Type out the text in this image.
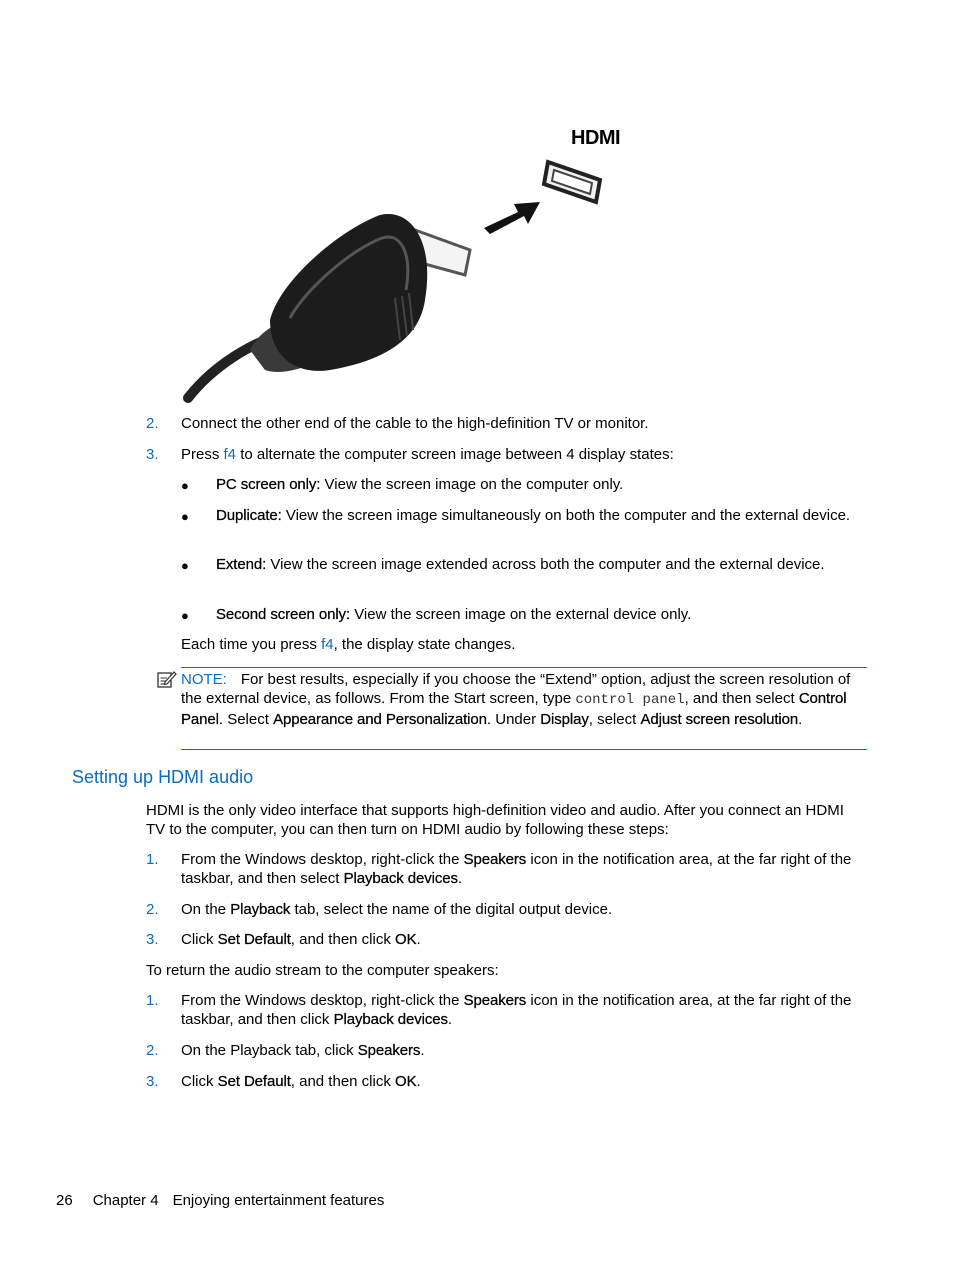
HDMI
2. Connect the other end of the cable to the high-definition TV or monitor.
3. Press f4 to alternate the computer screen image between 4 display states:
● PC screen only: View the screen image on the computer only.
● Duplicate: View the screen image simultaneously on both the computer and the external device.
● Extend: View the screen image extended across both the computer and the external device.
● Second screen only: View the screen image on the external device only.
Each time you press f4, the display state changes.
NOTE: For best results, especially if you choose the “Extend” option, adjust the screen resolution of the external device, as follows. From the Start screen, type control panel, and then select Control Panel. Select Appearance and Personalization. Under Display, select Adjust screen resolution.
Setting up HDMI audio
HDMI is the only video interface that supports high-definition video and audio. After you connect an HDMI TV to the computer, you can then turn on HDMI audio by following these steps:
1. From the Windows desktop, right-click the Speakers icon in the notification area, at the far right of the taskbar, and then select Playback devices.
2. On the Playback tab, select the name of the digital output device.
3. Click Set Default, and then click OK.
To return the audio stream to the computer speakers:
1. From the Windows desktop, right-click the Speakers icon in the notification area, at the far right of the taskbar, and then click Playback devices.
2. On the Playback tab, click Speakers.
3. Click Set Default, and then click OK.
26 Chapter 4 Enjoying entertainment features
